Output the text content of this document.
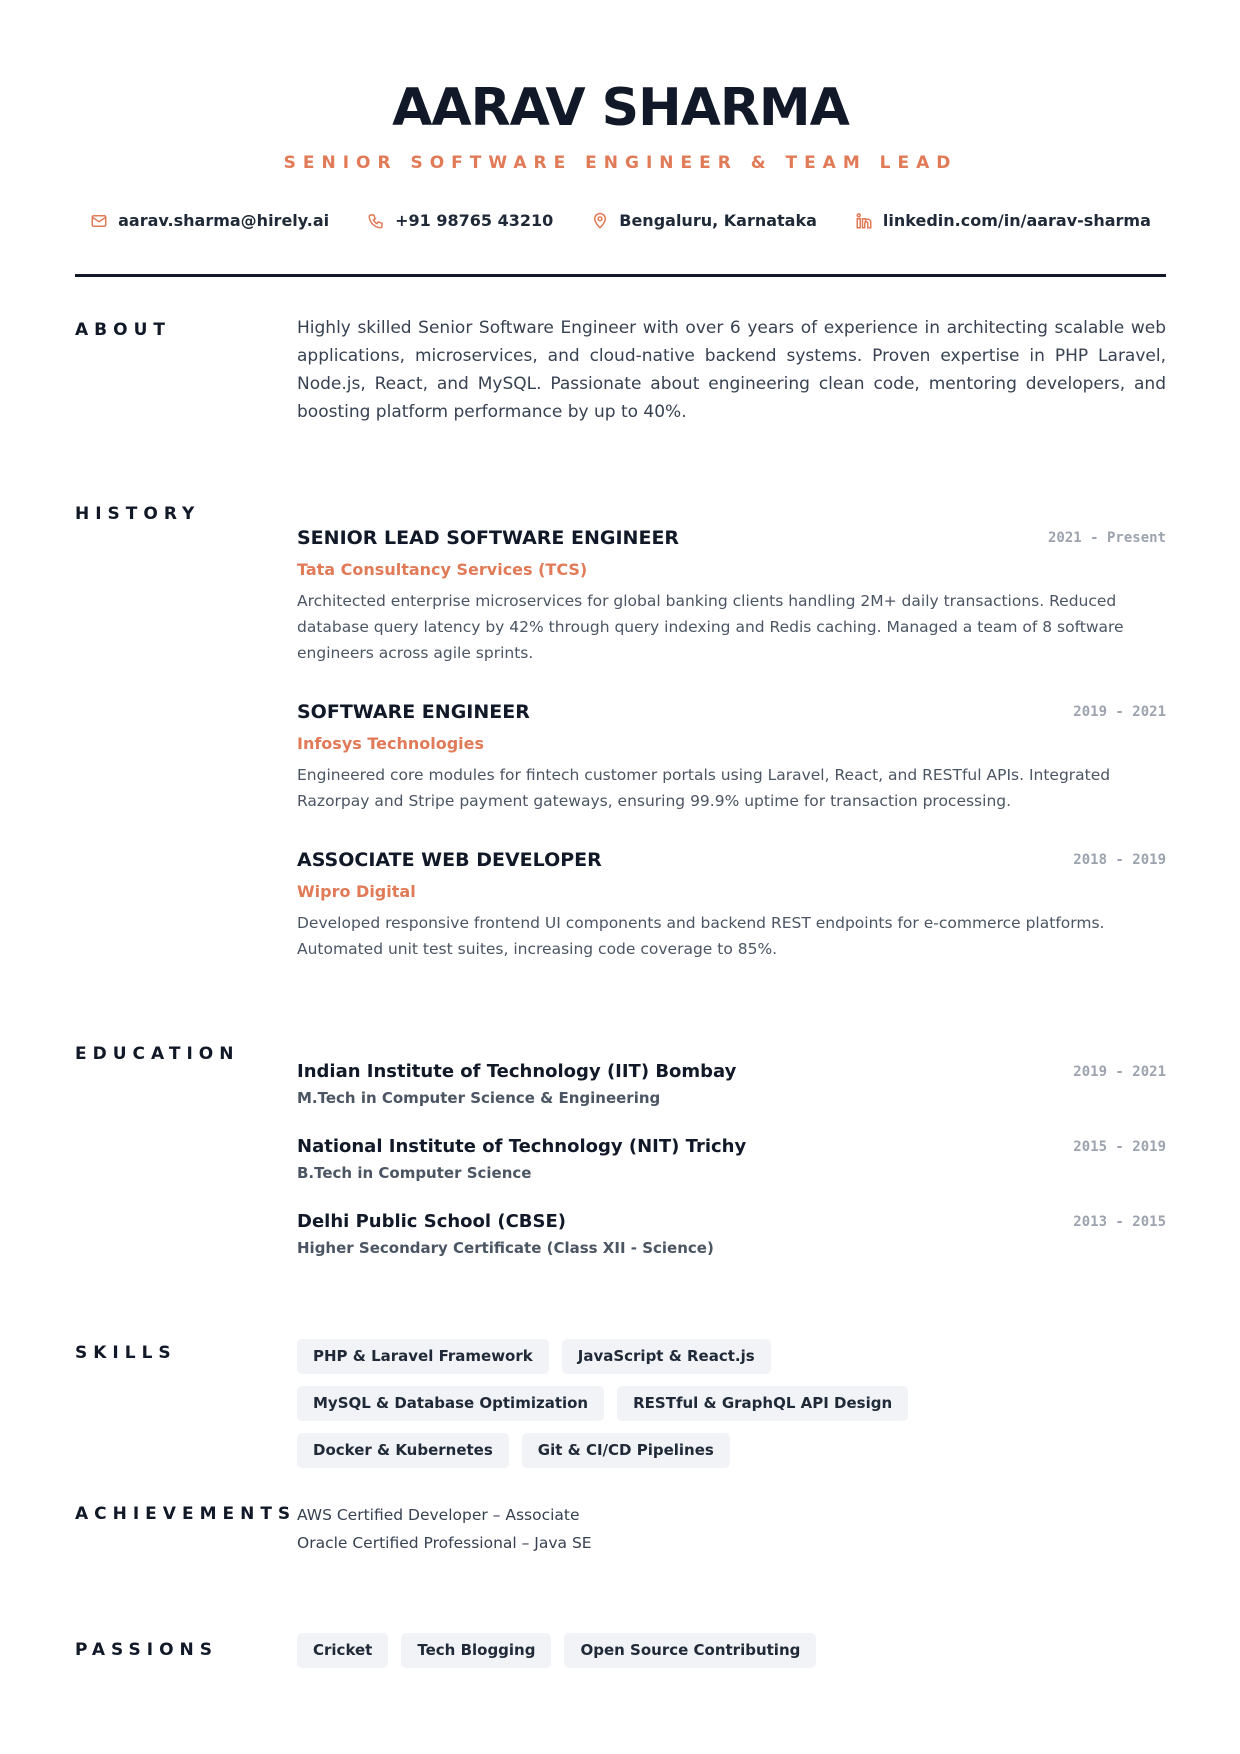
AARAV SHARMA
SENIOR SOFTWARE ENGINEER & TEAM LEAD
aarav.sharma@hirely.ai	+91 98765 43210	Bengaluru, Karnataka	linkedin.com/in/aarav-sharma
ABOUT	Highly skilled Senior Software Engineer with over 6 years of experience in architecting scalable web applications, microservices, and cloud-native backend systems. Proven expertise in PHP Laravel, Node.js, React, and MySQL. Passionate about engineering clean code, mentoring developers, and boosting platform performance by up to 40%.

HISTORY
SENIOR LEAD SOFTWARE ENGINEER	2021 - Present
Tata Consultancy Services (TCS)
Architected enterprise microservices for global banking clients handling 2M+ daily transactions. Reduced database query latency by 42% through query indexing and Redis caching. Managed a team of 8 software engineers across agile sprints.
SOFTWARE ENGINEER	2019 - 2021
Infosys Technologies
Engineered core modules for fintech customer portals using Laravel, React, and RESTful APIs. Integrated Razorpay and Stripe payment gateways, ensuring 99.9% uptime for transaction processing.
ASSOCIATE WEB DEVELOPER	2018 - 2019
Wipro Digital
Developed responsive frontend UI components and backend REST endpoints for e-commerce platforms. Automated unit test suites, increasing code coverage to 85%.
EDUCATION
Indian Institute of Technology (IIT) Bombay	2019 - 2021
M.Tech in Computer Science & Engineering
National Institute of Technology (NIT) Trichy	2015 - 2019
B.Tech in Computer Science
Delhi Public School (CBSE)	2013 - 2015
Higher Secondary Certificate (Class XII - Science)
SKILLS	PHP & Laravel Framework	JavaScript & React.js
MySQL & Database Optimization	RESTful & GraphQL API Design
Docker & Kubernetes	Git & CI/CD Pipelines
ACHIEVEMENTS AWS Certified Developer – Associate
Oracle Certified Professional – Java SE
PASSIONS	Cricket	Tech Blogging	Open Source Contributing
